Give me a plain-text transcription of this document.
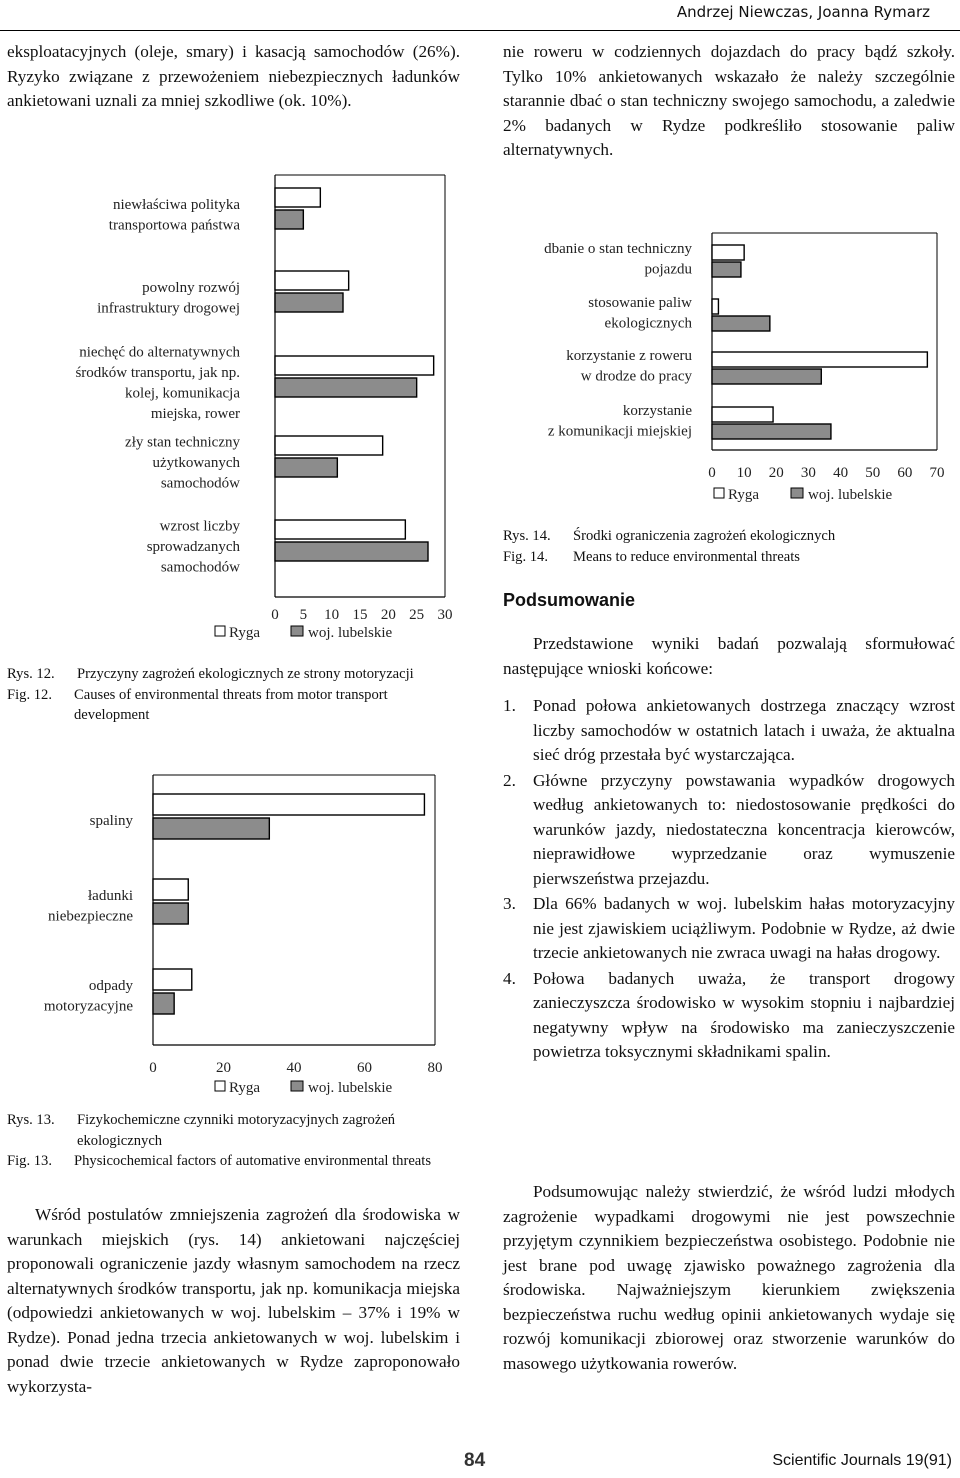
Andrzej Niewczas, Joanna Rymarz

eksploatacyjnych (oleje, smary) i kasacją samochodów (26%). Ryzyko związane z przewożeniem niebezpiecznych ładunków ankietowani uznali za mniej szkodliwe (ok. 10%).

nie roweru w codziennych dojazdach do pracy bądź szkoły. Tylko 10% ankietowanych wskazało że należy szczególnie starannie dbać o stan techniczny swojego samochodu, a zaledwie 2% badanych w Rydze podkreśliło stosowanie paliw alternatywnych.

niewłaściwa polityka
transportowa państwa
powolny rozwój
infrastruktury drogowej
niechęć do alternatywnych
środków transportu, jak np.
kolej, komunikacja
miejska, rower
zły stan techniczny
użytkowanych
samochodów
wzrost liczby
sprowadzanych
samochodów
0 5 10 15 20 25 30
Ryga	woj. lubelskie
spaliny
ładunki
niebezpieczne
odpady
motoryzacyjne
0	20	40	60	80
Ryga	woj. lubelskie
dbanie o stan techniczny
pojazdu
stosowanie paliw
ekologicznych
korzystanie z roweru
w drodze do pracy
korzystanie
z komunikacji miejskiej
0 10 20 30 40 50 60 70
Ryga	woj. lubelskie
Rys. 12.	Przyczyny zagrożeń ekologicznych ze strony motoryzacji
Fig. 12.	Causes of environmental threats from motor transport development
Rys. 13.	Fizykochemiczne czynniki motoryzacyjnych zagrożeń ekologicznych
Fig. 13.	Physicochemical factors of automative environmental threats
Rys. 14.	Środki ograniczenia zagrożeń ekologicznych
Fig. 14.	Means to reduce environmental threats

Wśród postulatów zmniejszenia zagrożeń dla środowiska w warunkach miejskich (rys. 14) ankietowani najczęściej proponowali ograniczenie jazdy własnym samochodem na rzecz alternatywnych środków transportu, jak np. komunikacja miejska (odpowiedzi ankietowanych w woj. lubelskim – 37% i 19% w Rydze). Ponad jedna trzecia ankietowanych w woj. lubelskim i ponad dwie trzecie ankietowanych w Rydze zaproponowało wykorzysta-

Podsumowanie

Przedstawione wyniki badań pozwalają sformułować następujące wnioski końcowe:

1. Ponad połowa ankietowanych dostrzega znaczący wzrost liczby samochodów w ostatnich latach i uważa, że aktualna sieć dróg przestała być wystarczająca.
2. Główne przyczyny powstawania wypadków drogowych według ankietowanych to: niedostosowanie prędkości do warunków jazdy, niedostateczna koncentracja kierowców, nieprawidłowe wyprzedzanie oraz wymuszenie pierwszeństwa przejazdu.
3. Dla 66% badanych w woj. lubelskim hałas motoryzacyjny nie jest zjawiskiem uciążliwym. Podobnie w Rydze, aż dwie trzecie ankietowanych nie zwraca uwagi na hałas drogowy.
4. Połowa badanych uważa, że transport drogowy zanieczyszcza środowisko w wysokim stopniu i najbardziej negatywny wpływ na środowisko ma zanieczyszczenie powietrza toksycznymi składnikami spalin.

Podsumowując należy stwierdzić, że wśród ludzi młodych zagrożenie wypadkami drogowymi nie jest powszechnie przyjętym czynnikiem bezpieczeństwa osobistego. Podobnie nie jest brane pod uwagę zjawisko poważnego zagrożenia dla środowiska. Najważniejszym kierunkiem zwiększenia bezpieczeństwa ruchu według opinii ankietowanych wydaje się rozwój komunikacji zbiorowej oraz stworzenie warunków do masowego użytkowania rowerów.

84	Scientific Journals 19(91)
